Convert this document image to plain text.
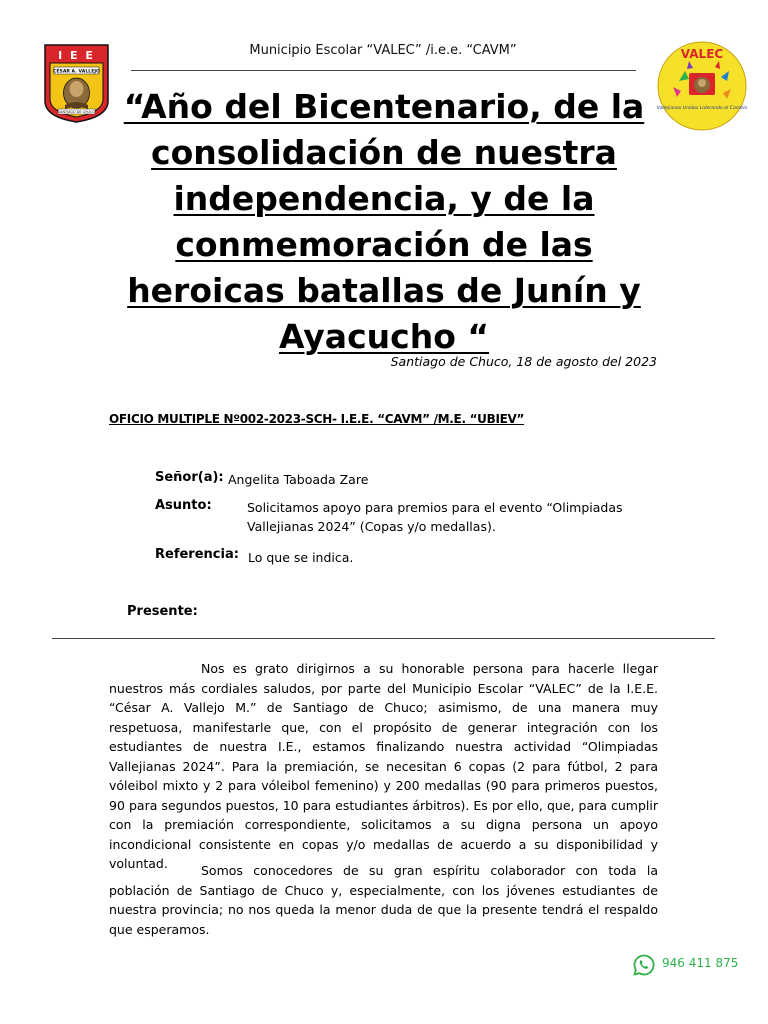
I E E
CÉSAR A. VALLEJO
SANTIAGO DE CHUCO
Municipio Escolar “VALEC” /i.e.e. “CAVM”	VALEC
Vallejianos Unidos Liderando el Cambio
“Año del Bicentenario, de la consolidación de nuestra independencia, y de la conmemoración de las heroicas batallas de Junín y Ayacucho “
Santiago de Chuco, 18 de agosto del 2023
OFICIO MULTIPLE Nº002-2023-SCH- I.E.E. “CAVM” /M.E. “UBIEV”
Señor(a): Angelita Taboada Zare
Asunto:	Solicitamos apoyo para premios para el evento “Olimpiadas Vallejianas 2024” (Copas y/o medallas).
Referencia: Lo que se indica.
Presente:
Nos es grato dirigirnos a su honorable persona para hacerle llegar nuestros más cordiales saludos, por parte del Municipio Escolar “VALEC” de la I.E.E. “César A. Vallejo M.” de Santiago de Chuco; asimismo, de una manera muy respetuosa, manifestarle que, con el propósito de generar integración con los estudiantes de nuestra I.E., estamos finalizando nuestra actividad “Olimpiadas Vallejianas 2024”. Para la premiación, se necesitan 6 copas (2 para fútbol, 2 para vóleibol mixto y 2 para vóleibol femenino) y 200 medallas (90 para primeros puestos, 90 para segundos puestos, 10 para estudiantes árbitros). Es por ello, que, para cumplir con la premiación correspondiente, solicitamos a su digna persona un apoyo incondicional consistente en copas y/o medallas de acuerdo a su disponibilidad y voluntad.	Somos conocedores de su gran espíritu colaborador con toda la población de Santiago de Chuco y, especialmente, con los jóvenes estudiantes de nuestra provincia; no nos queda la menor duda de que la presente tendrá el respaldo que esperamos.
946 411 875
